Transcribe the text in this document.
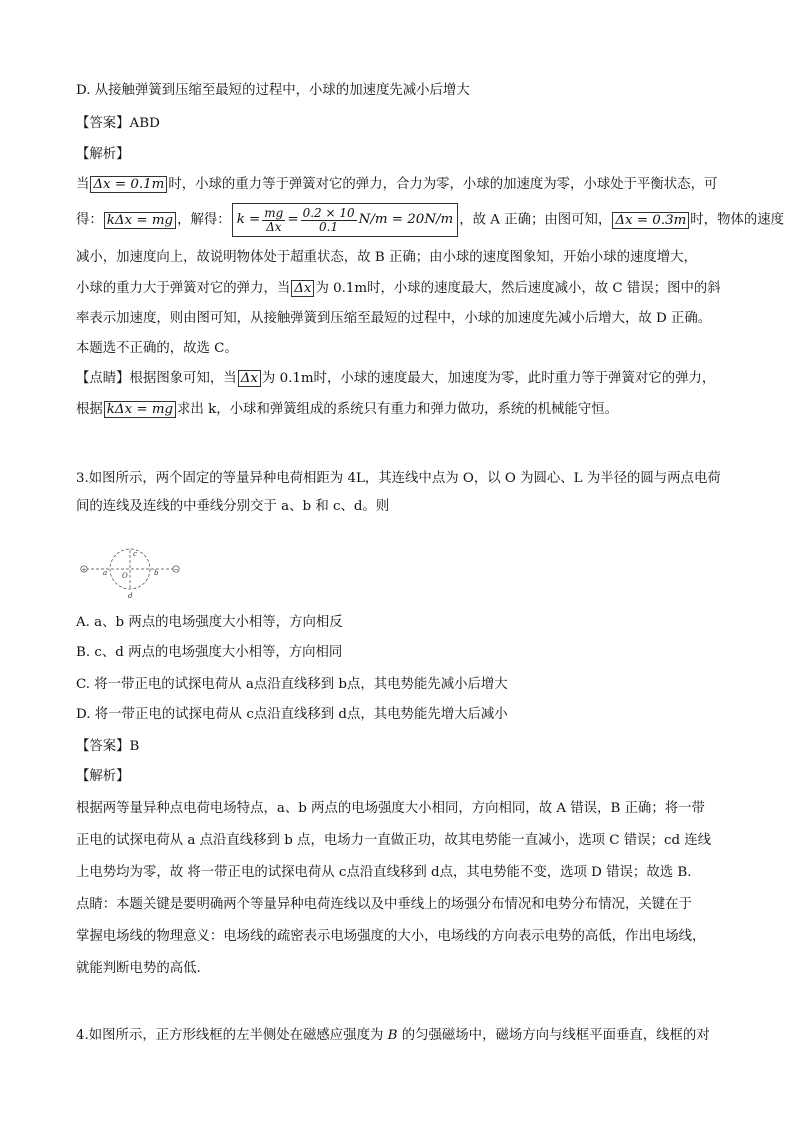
D. 从接触弹簧到压缩至最短的过程中，小球的加速度先减小后增大
【答案】ABD
【解析】
当 Δx = 0.1m 时，小球的重力等于弹簧对它的弹力，合力为零，小球的加速度为零，小球处于平衡状态，可
得： kΔx = mg ，解得： $k = \frac{mg}{\Delta x} = \frac{0.2 \times 10}{0.1} N/m = 20N/m$ ，故 A 正确；由图可知， Δx = 0.3m 时，物体的速度
减小，加速度向上，故说明物体处于超重状态，故 B 正确；由小球的速度图象知，开始小球的速度增大，
小球的重力大于弹簧对它的弹力，当 Δx 为 0.1m时，小球的速度最大，然后速度减小，故 C 错误；图中的斜
率表示加速度，则由图可知，从接触弹簧到压缩至最短的过程中，小球的加速度先减小后增大，故 D 正确。
本题选不正确的，故选 C。
【点睛】根据图象可知，当 Δx 为 0.1m时，小球的速度最大，加速度为零，此时重力等于弹簧对它的弹力，
根据 kΔx = mg 求出 k，小球和弹簧组成的系统只有重力和弹力做功，系统的机械能守恒。
3.如图所示，两个固定的等量异种电荷相距为 4L，其连线中点为 O，以 O 为圆心、L 为半径的圆与两点电荷
间的连线及连线的中垂线分别交于 a、b 和 c、d。则
+	−
a	b
c
d
O
A. a、b 两点的电场强度大小相等，方向相反
B. c、d 两点的电场强度大小相等，方向相同
C. 将一带正电的试探电荷从 a点沿直线移到 b点，其电势能先减小后增大
D. 将一带正电的试探电荷从 c点沿直线移到 d点，其电势能先增大后减小
【答案】B
【解析】
根据两等量异种点电荷电场特点，a、b 两点的电场强度大小相同，方向相同，故 A 错误，B 正确；将一带
正电的试探电荷从 a 点沿直线移到 b 点，电场力一直做正功，故其电势能一直减小，选项 C 错误；cd 连线
上电势均为零，故 将一带正电的试探电荷从 c点沿直线移到 d点，其电势能不变，选项 D 错误；故选 B.
点睛：本题关键是要明确两个等量异种电荷连线以及中垂线上的场强分布情况和电势分布情况，关键在于
掌握电场线的物理意义：电场线的疏密表示电场强度的大小，电场线的方向表示电势的高低，作出电场线，
就能判断电势的高低.
4.如图所示，正方形线框的左半侧处在磁感应强度为 B 的匀强磁场中，磁场方向与线框平面垂直，线框的对
